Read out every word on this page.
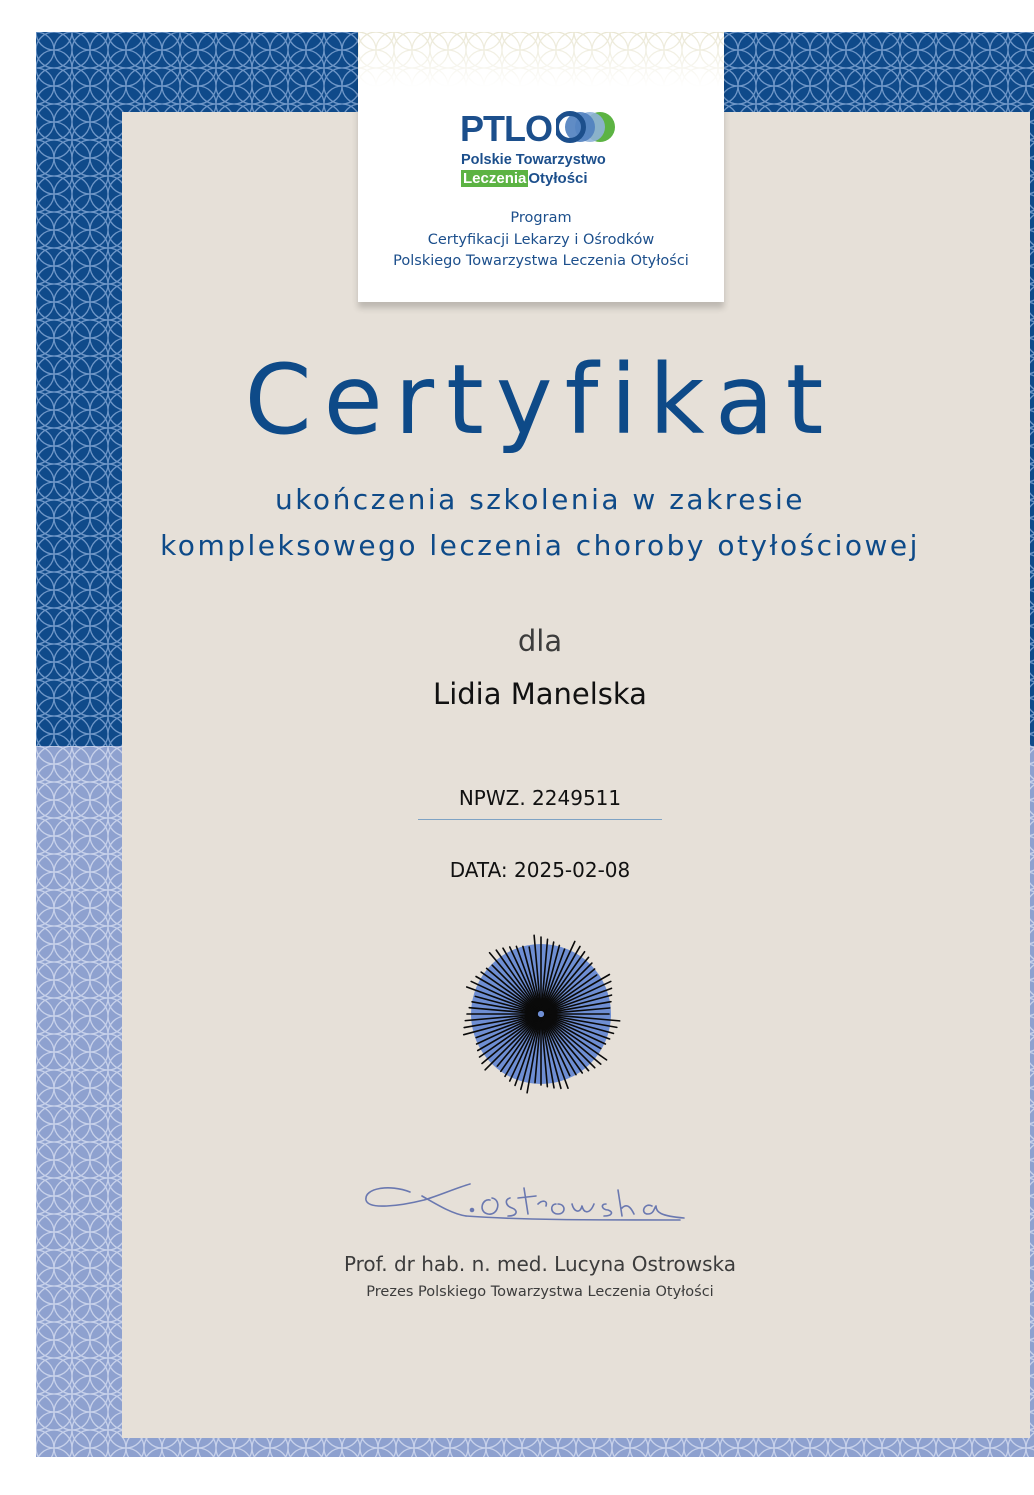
PTLO
Polskie Towarzystwo
Leczenia Otyłości
Program
Certyfikacji Lekarzy i Ośrodków
Polskiego Towarzystwa Leczenia Otyłości
Certyfikat
ukończenia szkolenia w zakresie
kompleksowego leczenia choroby otyłościowej
dla
Lidia Manelska
NPWZ. 2249511
DATA: 2025-02-08
Prof. dr hab. n. med. Lucyna Ostrowska
Prezes Polskiego Towarzystwa Leczenia Otyłości
